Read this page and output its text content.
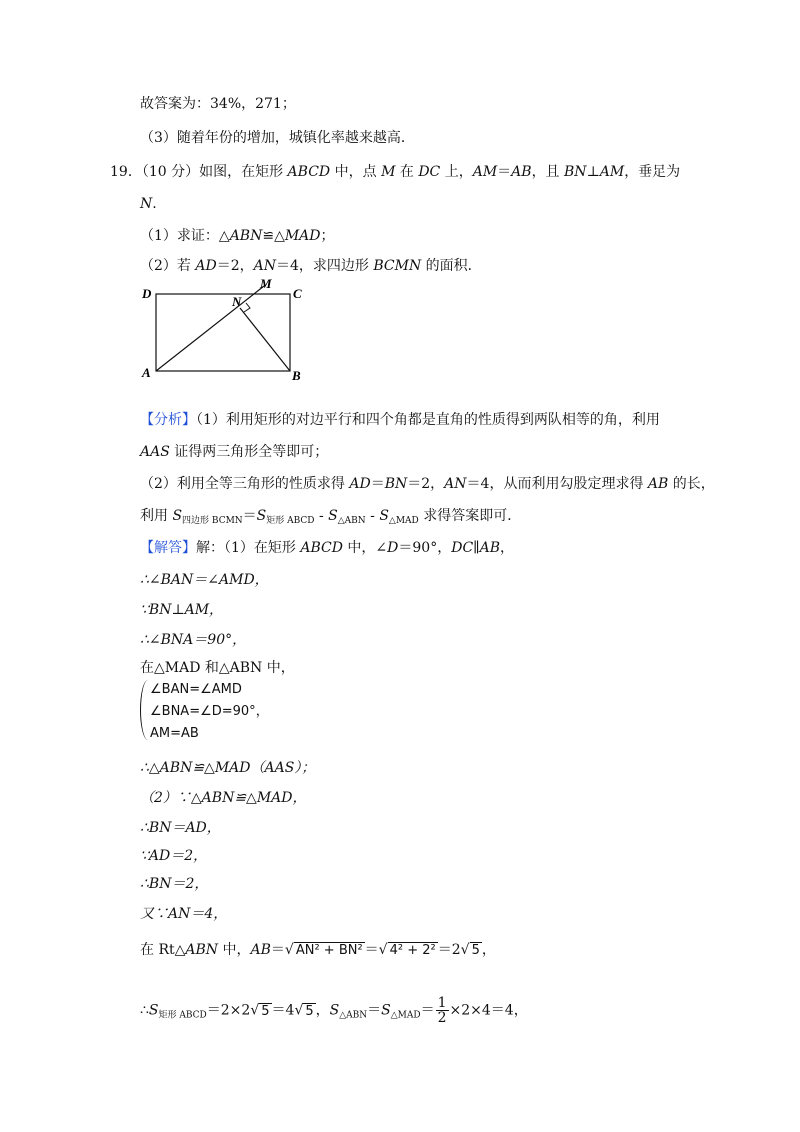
故答案为：34%，271；
（3）随着年份的增加，城镇化率越来越高．
19．（10 分）如图，在矩形 ABCD 中，点 M 在 DC 上，AM＝AB，且 BN⊥AM，垂足为
N.
（1）求证：△ABN≌△MAD；
（2）若 AD＝2，AN＝4，求四边形 BCMN 的面积．
D
M
C
N
A	B
【分析】（1）利用矩形的对边平行和四个角都是直角的性质得到两队相等的角，利用
AAS 证得两三角形全等即可；
（2）利用全等三角形的性质求得 AD＝BN＝2，AN＝4，从而利用勾股定理求得 AB 的长，
利用 $S_{四边形 BCMN}=S_{矩形 ABCD} - S_{\triangle ABN} - S_{\triangle MAD}$ 求得答案即可．
【解答】解：（1）在矩形 ABCD 中，∠D＝90°，DC∥AB，
∴∠BAN＝∠AMD，
∵BN⊥AM，
∴∠BNA＝90°，
在△MAD 和△ABN 中，
∠BAN=∠AMD
∠BNA=∠D=90°，
AM=AB
∴△ABN≌△MAD（AAS）；
（2）∵△ABN≌△MAD，
∴BN＝AD，
∵AD＝2，
∴BN＝2，
又∵AN＝4，
在 Rt△ABN 中，AB＝√ AN² + BN² ＝√ 4² + 2² ＝2√ 5 ，
$\therefore S_{矩形 ABCD}=2\times 2√$ 5 ＝4√ 5 ，$S_{\triangle ABN}=S_{\triangle MAD}= \frac{1}{2} \times 2\times 4=4$，
